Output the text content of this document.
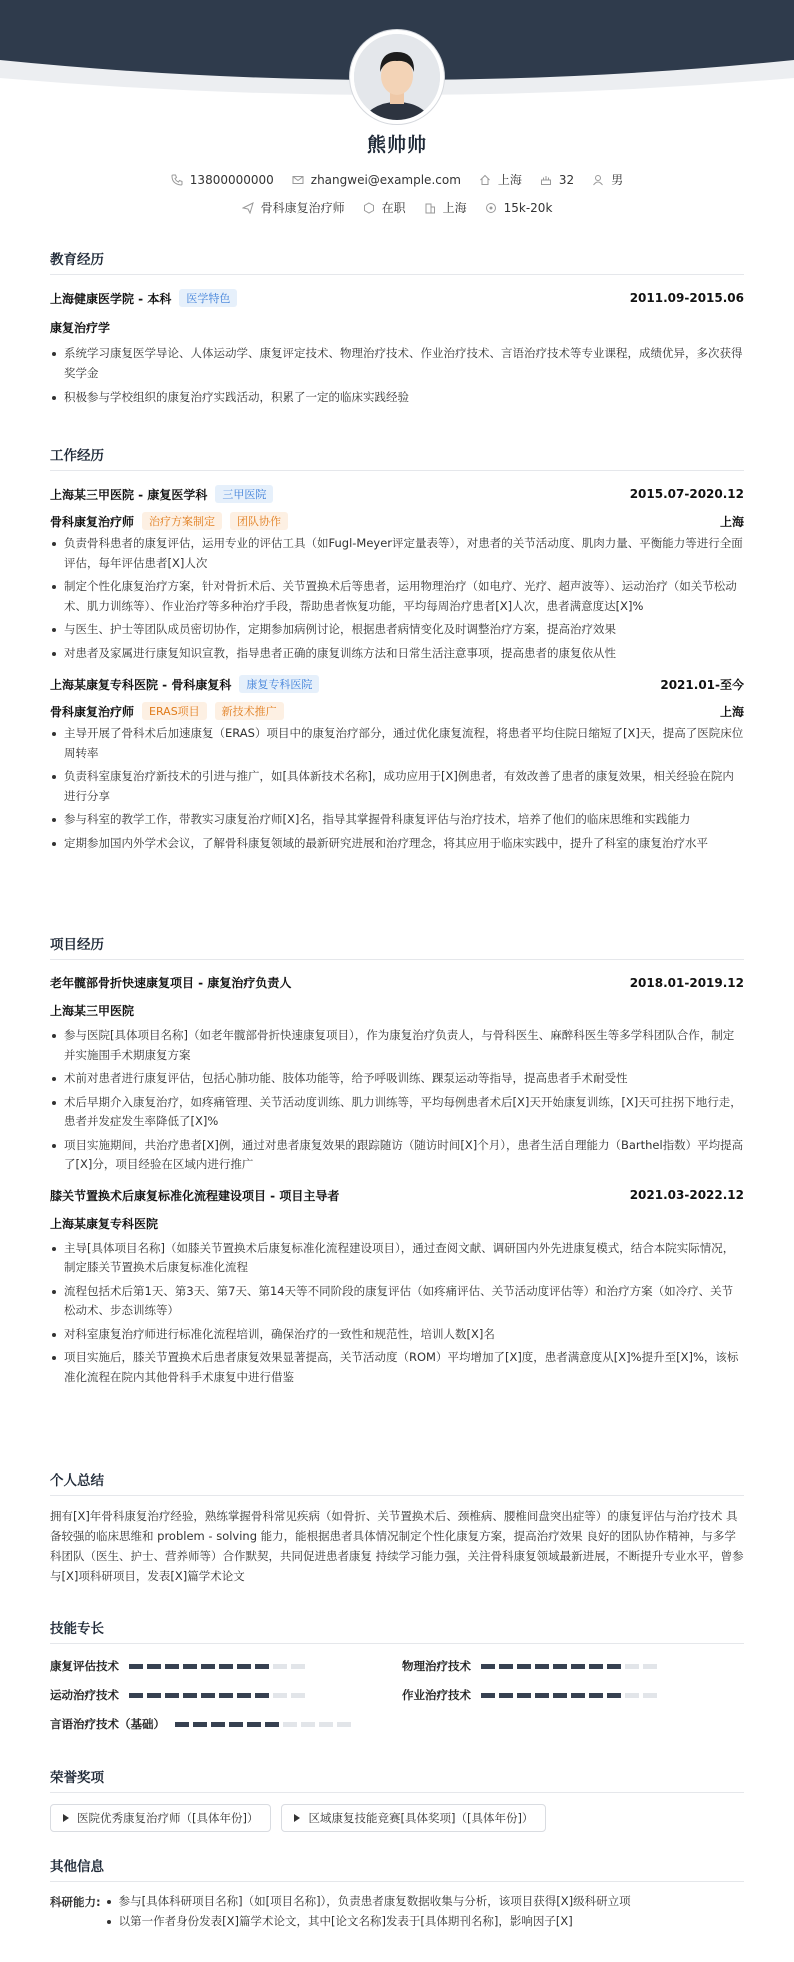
熊帅帅
13800000000	zhangwei@example.com	上海	32	男
骨科康复治疗师	在职	上海	15k-20k
教育经历
上海健康医学院 - 本科	医学特色	2011.09-2015.06
康复治疗学
系统学习康复医学导论、人体运动学、康复评定技术、物理治疗技术、作业治疗技术、言语治疗技术等专业课程，成绩优异，多次获得奖学金
积极参与学校组织的康复治疗实践活动，积累了一定的临床实践经验
工作经历
上海某三甲医院 - 康复医学科	三甲医院	2015.07-2020.12
骨科康复治疗师	治疗方案制定	团队协作	上海
负责骨科患者的康复评估，运用专业的评估工具（如Fugl-Meyer评定量表等），对患者的关节活动度、肌肉力量、平衡能力等进行全面评估，每年评估患者[X]人次
制定个性化康复治疗方案，针对骨折术后、关节置换术后等患者，运用物理治疗（如电疗、光疗、超声波等）、运动治疗（如关节松动术、肌力训练等）、作业治疗等多种治疗手段，帮助患者恢复功能，平均每周治疗患者[X]人次，患者满意度达[X]%
与医生、护士等团队成员密切协作，定期参加病例讨论，根据患者病情变化及时调整治疗方案，提高治疗效果
对患者及家属进行康复知识宣教，指导患者正确的康复训练方法和日常生活注意事项，提高患者的康复依从性
上海某康复专科医院 - 骨科康复科	康复专科医院	2021.01-至今
骨科康复治疗师	ERAS项目	新技术推广	上海
主导开展了骨科术后加速康复（ERAS）项目中的康复治疗部分，通过优化康复流程，将患者平均住院日缩短了[X]天，提高了医院床位周转率
负责科室康复治疗新技术的引进与推广，如[具体新技术名称]，成功应用于[X]例患者，有效改善了患者的康复效果，相关经验在院内进行分享
参与科室的教学工作，带教实习康复治疗师[X]名，指导其掌握骨科康复评估与治疗技术，培养了他们的临床思维和实践能力
定期参加国内外学术会议，了解骨科康复领域的最新研究进展和治疗理念，将其应用于临床实践中，提升了科室的康复治疗水平
项目经历
老年髋部骨折快速康复项目 - 康复治疗负责人	2018.01-2019.12
上海某三甲医院
参与医院[具体项目名称]（如老年髋部骨折快速康复项目），作为康复治疗负责人，与骨科医生、麻醉科医生等多学科团队合作，制定并实施围手术期康复方案
术前对患者进行康复评估，包括心肺功能、肢体功能等，给予呼吸训练、踝泵运动等指导，提高患者手术耐受性
术后早期介入康复治疗，如疼痛管理、关节活动度训练、肌力训练等，平均每例患者术后[X]天开始康复训练，[X]天可拄拐下地行走，患者并发症发生率降低了[X]%
项目实施期间，共治疗患者[X]例，通过对患者康复效果的跟踪随访（随访时间[X]个月），患者生活自理能力（Barthel指数）平均提高了[X]分，项目经验在区域内进行推广
膝关节置换术后康复标准化流程建设项目 - 项目主导者	2021.03-2022.12
上海某康复专科医院
主导[具体项目名称]（如膝关节置换术后康复标准化流程建设项目），通过查阅文献、调研国内外先进康复模式，结合本院实际情况，制定膝关节置换术后康复标准化流程
流程包括术后第1天、第3天、第7天、第14天等不同阶段的康复评估（如疼痛评估、关节活动度评估等）和治疗方案（如冷疗、关节松动术、步态训练等）
对科室康复治疗师进行标准化流程培训，确保治疗的一致性和规范性，培训人数[X]名
项目实施后，膝关节置换术后患者康复效果显著提高，关节活动度（ROM）平均增加了[X]度，患者满意度从[X]%提升至[X]%，该标准化流程在院内其他骨科手术康复中进行借鉴
个人总结
拥有[X]年骨科康复治疗经验，熟练掌握骨科常见疾病（如骨折、关节置换术后、颈椎病、腰椎间盘突出症等）的康复评估与治疗技术 具备较强的临床思维和 problem - solving 能力，能根据患者具体情况制定个性化康复方案，提高治疗效果 良好的团队协作精神，与多学科团队（医生、护士、营养师等）合作默契，共同促进患者康复 持续学习能力强，关注骨科康复领域最新进展，不断提升专业水平，曾参与[X]项科研项目，发表[X]篇学术论文
技能专长
康复评估技术	物理治疗技术
运动治疗技术	作业治疗技术
言语治疗技术（基础）
荣誉奖项
医院优秀康复治疗师（[具体年份]）	区域康复技能竞赛[具体奖项]（[具体年份]）
其他信息
科研能力:	参与[具体科研项目名称]（如[项目名称]），负责患者康复数据收集与分析，该项目获得[X]级科研立项
以第一作者身份发表[X]篇学术论文，其中[论文名称]发表于[具体期刊名称]，影响因子[X]
